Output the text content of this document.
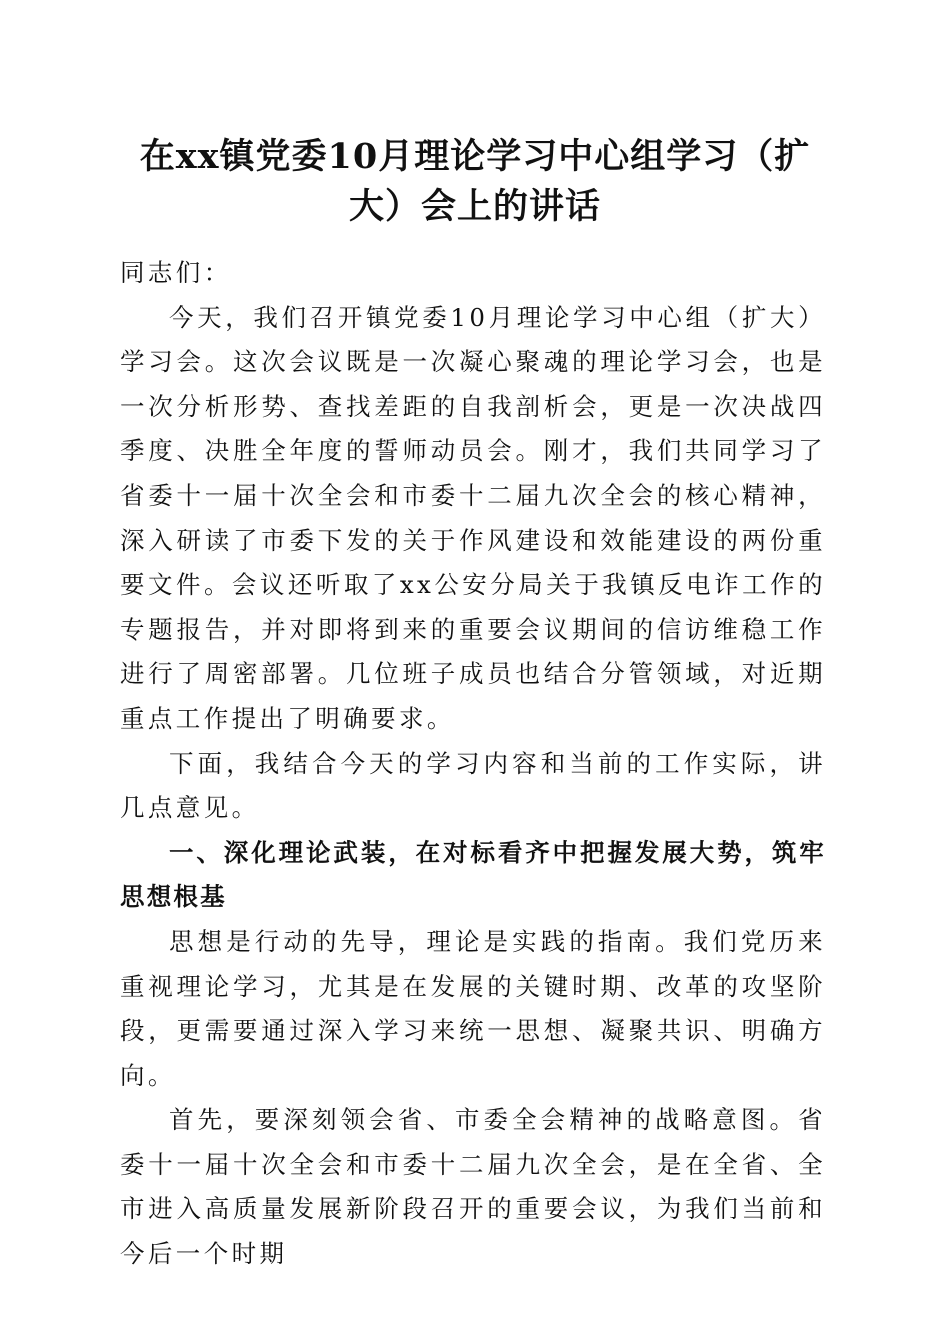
在xx镇党委10月理论学习中心组学习（扩大）会上的讲话

同志们：

今天，我们召开镇党委10月理论学习中心组（扩大）学习会。这次会议既是一次凝心聚魂的理论学习会，也是一次分析形势、查找差距的自我剖析会，更是一次决战四季度、决胜全年度的誓师动员会。刚才，我们共同学习了省委十一届十次全会和市委十二届九次全会的核心精神，深入研读了市委下发的关于作风建设和效能建设的两份重要文件。会议还听取了xx公安分局关于我镇反电诈工作的专题报告，并对即将到来的重要会议期间的信访维稳工作进行了周密部署。几位班子成员也结合分管领域，对近期重点工作提出了明确要求。

下面，我结合今天的学习内容和当前的工作实际，讲几点意见。

一、深化理论武装，在对标看齐中把握发展大势，筑牢思想根基

思想是行动的先导，理论是实践的指南。我们党历来重视理论学习，尤其是在发展的关键时期、改革的攻坚阶段，更需要通过深入学习来统一思想、凝聚共识、明确方向。

首先，要深刻领会省、市委全会精神的战略意图。省委十一届十次全会和市委十二届九次全会，是在全省、全市进入高质量发展新阶段召开的重要会议，为我们当前和今后一个时期
